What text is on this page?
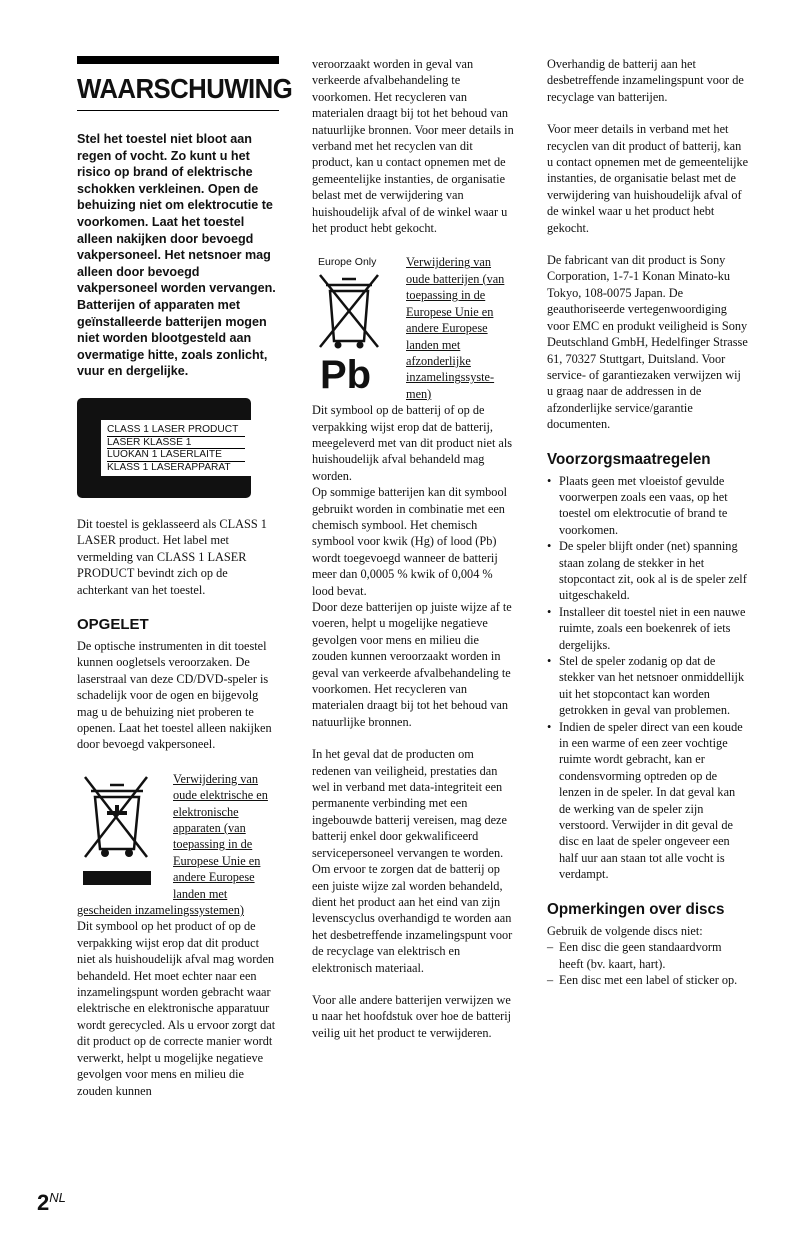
WAARSCHUWING

Stel het toestel niet bloot aan regen of vocht. Zo kunt u het risico op brand of elektrische schokken verkleinen. Open de behuizing niet om elektrocutie te voorkomen. Laat het toestel alleen nakijken door bevoegd vakpersoneel. Het netsnoer mag alleen door bevoegd vakpersoneel worden vervangen. Batterijen of apparaten met geïnstalleerde batterijen mogen niet worden blootgesteld aan overmatige hitte, zoals zonlicht, vuur en dergelijke.

CLASS 1 LASER PRODUCT
LASER KLASSE 1
LUOKAN 1 LASERLAITE
KLASS 1 LASERAPPARAT

Dit toestel is geklasseerd als CLASS 1 LASER product. Het label met vermelding van CLASS 1 LASER PRODUCT bevindt zich op de achterkant van het toestel.

OPGELET

De optische instrumenten in dit toestel kunnen oogletsels veroorzaken. De laserstraal van deze CD/DVD-speler is schadelijk voor de ogen en bijgevolg mag u de behuizing niet proberen te openen. Laat het toestel alleen nakijken door bevoegd vakpersoneel.

Verwijdering van oude elektrische en elektronische apparaten (van toepassing in de Europese Unie en andere Europese landen met

gescheiden inzamelingssystemen)

Dit symbool op het product of op de verpakking wijst erop dat dit product niet als huishoudelijk afval mag worden behandeld. Het moet echter naar een inzamelingspunt worden gebracht waar elektrische en elektronische apparatuur wordt gerecycled. Als u ervoor zorgt dat dit product op de correcte manier wordt verwerkt, helpt u mogelijke negatieve gevolgen voor mens en milieu die zouden kunnen

veroorzaakt worden in geval van verkeerde afvalbehandeling te voorkomen. Het recycleren van materialen draagt bij tot het behoud van natuurlijke bronnen. Voor meer details in verband met het recyclen van dit product, kan u contact opnemen met de gemeentelijke instanties, de organisatie belast met de verwijdering van huishoudelijk afval of de winkel waar u het product hebt gekocht.

Europe Only
Pb
Verwijdering van oude batterijen (van toepassing in de Europese Unie en andere Europese landen met afzonderlijke inzamelingssyste-men)

Dit symbool op de batterij of op de verpakking wijst erop dat de batterij, meegeleverd met van dit product niet als huishoudelijk afval behandeld mag worden.

Op sommige batterijen kan dit symbool gebruikt worden in combinatie met een chemisch symbool. Het chemisch symbool voor kwik (Hg) of lood (Pb) wordt toegevoegd wanneer de batterij meer dan 0,0005 % kwik of 0,004 % lood bevat.

Door deze batterijen op juiste wijze af te voeren, helpt u mogelijke negatieve gevolgen voor mens en milieu die zouden kunnen veroorzaakt worden in geval van verkeerde afvalbehandeling te voorkomen. Het recycleren van materialen draagt bij tot het behoud van natuurlijke bronnen.

In het geval dat de producten om redenen van veiligheid, prestaties dan wel in verband met data-integriteit een permanente verbinding met een ingebouwde batterij vereisen, mag deze batterij enkel door gekwalificeerd servicepersoneel vervangen te worden. Om ervoor te zorgen dat de batterij op een juiste wijze zal worden behandeld, dient het product aan het eind van zijn levenscyclus overhandigd te worden aan het desbetreffende inzamelingspunt voor de recyclage van elektrisch en elektronisch materiaal.

Voor alle andere batterijen verwijzen we u naar het hoofdstuk over hoe de batterij veilig uit het product te verwijderen.

Overhandig de batterij aan het desbetreffende inzamelingspunt voor de recyclage van batterijen.

Voor meer details in verband met het recyclen van dit product of batterij, kan u contact opnemen met de gemeentelijke instanties, de organisatie belast met de verwijdering van huishoudelijk afval of de winkel waar u het product hebt gekocht.

De fabricant van dit product is Sony Corporation, 1-7-1 Konan Minato-ku Tokyo, 108-0075 Japan. De geauthoriseerde vertegenwoordiging voor EMC en produkt veiligheid is Sony Deutschland GmbH, Hedelfinger Strasse 61, 70327 Stuttgart, Duitsland. Voor service- of garantiezaken verwijzen wij u graag naar de addressen in de afzonderlijke service/garantie documenten.

Voorzorgsmaatregelen
• Plaats geen met vloeistof gevulde voorwerpen zoals een vaas, op het toestel om elektrocutie of brand te voorkomen.
• De speler blijft onder (net) spanning staan zolang de stekker in het stopcontact zit, ook al is de speler zelf uitgeschakeld.
• Installeer dit toestel niet in een nauwe ruimte, zoals een boekenrek of iets dergelijks.
• Stel de speler zodanig op dat de stekker van het netsnoer onmiddellijk uit het stopcontact kan worden getrokken in geval van problemen.
• Indien de speler direct van een koude in een warme of een zeer vochtige ruimte wordt gebracht, kan er condensvorming optreden op de lenzen in de speler. In dat geval kan de werking van de speler zijn verstoord. Verwijder in dit geval de disc en laat de speler ongeveer een half uur aan staan tot alle vocht is verdampt.
Opmerkingen over discs

Gebruik de volgende discs niet:

– Een disc die geen standaardvorm heeft (bv. kaart, hart).
– Een disc met een label of sticker op.
$2^{NL}$
